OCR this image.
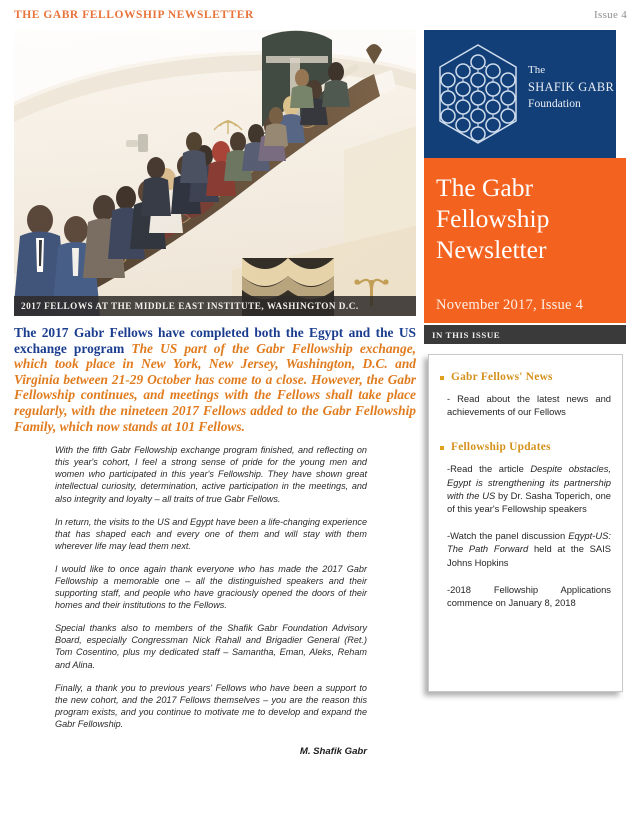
THE GABR FELLOWSHIP NEWSLETTER	Issue 4
2017 FELLOWS AT THE MIDDLE EAST INSTITUTE, WASHINGTON D.C.
The 2017 Gabr Fellows have completed both the Egypt and the US exchange program The US part of the Gabr Fellowship exchange, which took place in New York, New Jersey, Washington, D.C. and Virginia between 21-29 October has come to a close. However, the Gabr Fellowship continues, and meetings with the Fellows shall take place regularly, with the nineteen 2017 Fellows added to the Gabr Fellowship Family, which now stands at 101 Fellows.

With the fifth Gabr Fellowship exchange program finished, and reflecting on this year's cohort, I feel a strong sense of pride for the young men and women who participated in this year's Fellowship. They have shown great intellectual curiosity, determination, active participation in the meetings, and also integrity and loyalty – all traits of true Gabr Fellows.

In return, the visits to the US and Egypt have been a life-changing experience that has shaped each and every one of them and will stay with them wherever life may lead them next.

I would like to once again thank everyone who has made the 2017 Gabr Fellowship a memorable one – all the distinguished speakers and their supporting staff, and people who have graciously opened the doors of their homes and their institutions to the Fellows.

Special thanks also to members of the Shafik Gabr Foundation Advisory Board, especially Congressman Nick Rahall and Brigadier General (Ret.) Tom Cosentino, plus my dedicated staff – Samantha, Eman, Aleks, Reham and Alina.

Finally, a thank you to previous years' Fellows who have been a support to the new cohort, and the 2017 Fellows themselves – you are the reason this program exists, and you continue to motivate me to develop and expand the Gabr Fellowship.

M. Shafik Gabr
The
SHAFIK GABR
Foundation
The Gabr
Fellowship
Newsletter
November 2017, Issue 4
IN THIS ISSUE
Gabr Fellows' News
- Read about the latest news and achievements of our Fellows
Fellowship Updates
-Read the article Despite obstacles, Egypt is strengthening its partnership with the US by Dr. Sasha Toperich, one of this year's Fellowship speakers
-Watch the panel discussion Eqypt-US: The Path Forward held at the SAIS Johns Hopkins
-2018 Fellowship Applications commence on January 8, 2018
